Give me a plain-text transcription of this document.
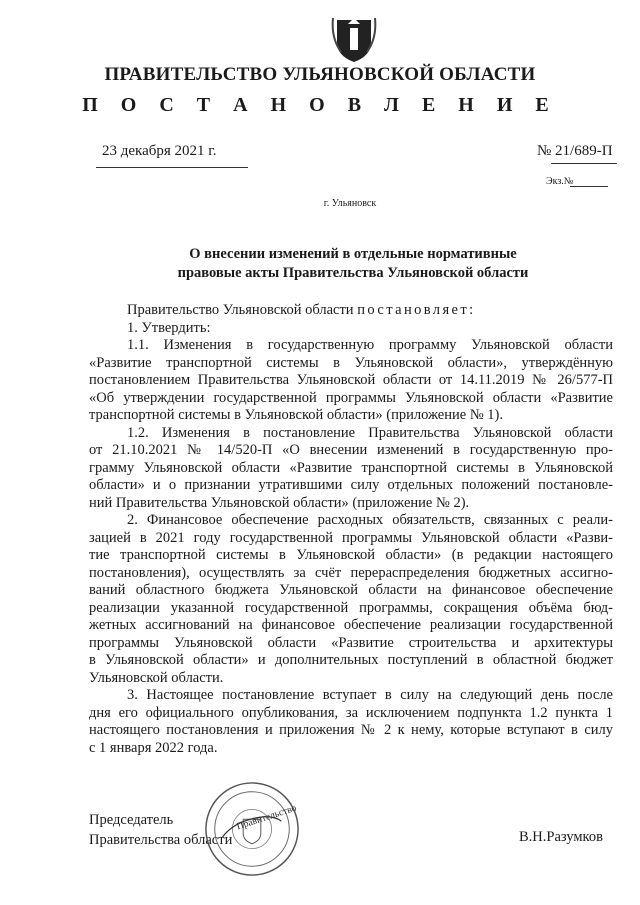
ПРАВИТЕЛЬСТВО УЛЬЯНОВСКОЙ ОБЛАСТИ
П О С Т А Н О В Л Е Н И Е
23 декабря 2021 г.	№ 21/689-П
Экз.№
г. Ульяновск
О внесении изменений в отдельные нормативные
правовые акты Правительства Ульяновской области
Правительство Ульяновской области постановляет:
1. Утвердить:
1.1. Изменения в государственную программу Ульяновской области
«Развитие транспортной системы в Ульяновской области», утверждённую
постановлением Правительства Ульяновской области от 14.11.2019 № 26/577-П
«Об утверждении государственной программы Ульяновской области «Развитие
транспортной системы в Ульяновской области» (приложение № 1).
1.2. Изменения в постановление Правительства Ульяновской области
от 21.10.2021 № 14/520-П «О внесении изменений в государственную про-
грамму Ульяновской области «Развитие транспортной системы в Ульяновской
области» и о признании утратившими силу отдельных положений постановле-
ний Правительства Ульяновской области» (приложение № 2).
2. Финансовое обеспечение расходных обязательств, связанных с реали-
зацией в 2021 году государственной программы Ульяновской области «Разви-
тие транспортной системы в Ульяновской области» (в редакции настоящего
постановления), осуществлять за счёт перераспределения бюджетных ассигно-
ваний областного бюджета Ульяновской области на финансовое обеспечение
реализации указанной государственной программы, сокращения объёма бюд-
жетных ассигнований на финансовое обеспечение реализации государственной
программы Ульяновской области «Развитие строительства и архитектуры
в Ульяновской области» и дополнительных поступлений в областной бюджет
Ульяновской области.
3. Настоящее постановление вступает в силу на следующий день после
дня его официального опубликования, за исключением подпункта 1.2 пункта 1
настоящего постановления и приложения № 2 к нему, которые вступают в силу
с 1 января 2022 года.
Председатель
Правительства области
Правительство
В.Н.Разумков
